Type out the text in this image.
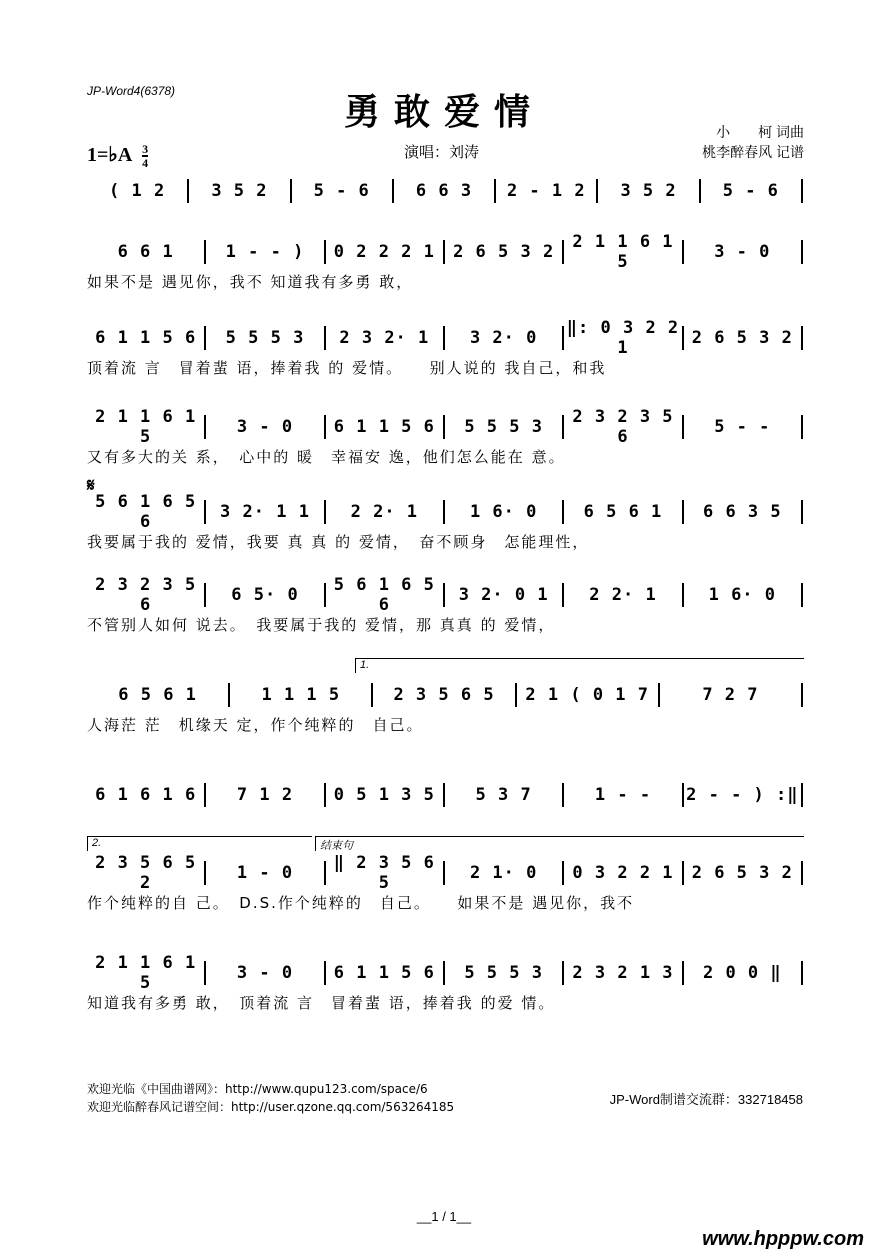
JP-Word4(6378)	勇敢爱情
1=♭A $\frac{3}{4}$	演唱：刘涛
小　　柯 词曲
桃李醉春风 记谱
( 1 2	3 5 2	5 - 6	6 6 3	2 - 1 2	3 5 2	5 - 6
6 6 1	1 - - )	0 2 2 2 1	2 6 5 3 2	2 1 1 6 1 5	3 - 0
如果不是 遇见你，我不 知道我有多勇 敢，
6 1 1 5 6	5 5 5 3	2 3 2· 1	3 2· 0	‖: 0 3 2 2 1	2 6 5 3 2
顶着流 言　冒着蜚 语，捧着我 的 爱情。　　别人说的 我自己，和我
2 1 1 6 1 5	3 - 0	6 1 1 5 6	5 5 5 3	2 3 2 3 5 6	5 - -
又有多大的关 系，　心中的 暖　幸福安 逸，他们怎么能在 意。
𝄋
5 6 1 6 5 6	3 2· 1 1	2 2· 1	1 6· 0	6 5 6 1	6 6 3 5
我要属于我的 爱情，我要 真 真 的 爱情，　奋不顾身　怎能理性，
2 3 2 3 5 6	6 5· 0	5 6 1 6 5 6	3 2· 0 1	2 2· 1	1 6· 0
不管别人如何 说去。　我要属于我的 爱情，那 真真 的 爱情，
1.
6 5 6 1	1 1 1 5	2 3 5 6 5	2 1 ( 0 1 7	7 2 7
人海茫 茫　机缘天 定，作个纯粹的　自己。
6 1 6 1 6	7 1 2	0 5 1 3 5	5 3 7	1 - -	2 - - ) :‖
2.	结束句
2 3 5 6 5 2	1 - 0	‖ 2 3 5 6 5	2 1· 0	0 3 2 2 1	2 6 5 3 2
作个纯粹的自 己。　D.S.作个纯粹的　自己。　　如果不是 遇见你，我不
2 1 1 6 1 5	3 - 0	6 1 1 5 6	5 5 5 3	2 3 2 1 3	2 0 0 ‖
知道我有多勇 敢，　顶着流 言　冒着蜚 语，捧着我 的爱 情。
欢迎光临《中国曲谱网》：http://www.qupu123.com/space/6
欢迎光临醉春风记谱空间：http://user.qzone.qq.com/563264185	JP-Word制谱交流群：332718458
__1 / 1__
www.hpppw.com
